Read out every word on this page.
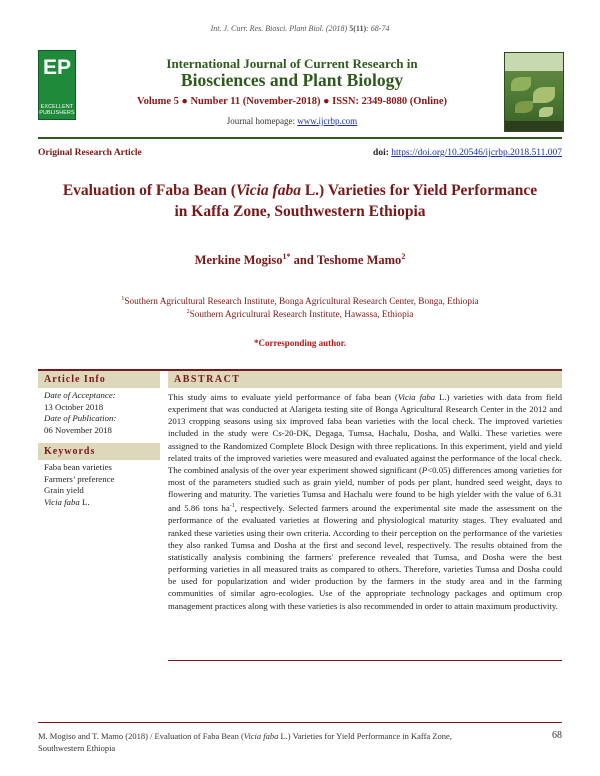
Int. J. Curr. Res. Biosci. Plant Biol. (2018) 5(11): 68-74
EP
EXCELLENT PUBLISHERS
International Journal of Current Research in
Biosciences and Plant Biology
Volume 5 ● Number 11 (November-2018) ● ISSN: 2349-8080 (Online)
Journal homepage: www.ijcrbp.com
Original Research Article	doi: https://doi.org/10.20546/ijcrbp.2018.511.007
Evaluation of Faba Bean (Vicia faba L.) Varieties for Yield Performance
in Kaffa Zone, Southwestern Ethiopia
Merkine Mogiso$^{1*}$ and Teshome Mamo$^2$
$^1$Southern Agricultural Research Institute, Bonga Agricultural Research Center, Bonga, Ethiopia
$^2$Southern Agricultural Research Institute, Hawassa, Ethiopia
*Corresponding author.
Article Info
Date of Acceptance:
13 October 2018
Date of Publication:
06 November 2018
Keywords
Faba bean varieties
Farmers’ preference
Grain yield
Vicia faba L.
ABSTRACT
This study aims to evaluate yield performance of faba bean (Vicia faba L.) varieties with data from field experiment that was conducted at Alarigeta testing site of Bonga Agricultural Research Center in the 2012 and 2013 cropping seasons using six improved faba bean varieties with the local check. The improved varieties included in the study were Cs-20-DK, Degaga, Tumsa, Hachalu, Dosha, and Walki. These varieties were assigned to the Randomized Complete Block Design with three replications. In this experiment, yield and yield related traits of the improved varieties were measured and evaluated against the performance of the local check. The combined analysis of the over year experiment showed significant (P<0.05) differences among varieties for most of the parameters studied such as grain yield, number of pods per plant, hundred seed weight, days to flowering and maturity. The varieties Tumsa and Hachalu were found to be high yielder with the value of 6.31 and 5.86 tons $ha^{-1}$, respectively. Selected farmers around the experimental site made the assessment on the performance of the evaluated varieties at flowering and physiological maturity stages. They evaluated and ranked these varieties using their own criteria. According to their perception on the performance of the varieties they also ranked Tumsa and Dosha at the first and second level, respectively. The results obtained from the statistically analysis combining the farmers' preference revealed that Tumsa, and Dosha were the best performing varieties in all measured traits as compared to others. Therefore, varieties Tumsa and Dosha could be used for popularization and wider production by the farmers in the study area and in the farming communities of similar agro-ecologies. Use of the appropriate technology packages and optimum crop management practices along with these varieties is also recommended in order to attain maximum productivity.
M. Mogiso and T. Mamo (2018) / Evaluation of Faba Bean (Vicia faba L.) Varieties for Yield Performance in Kaffa Zone,
Southwestern Ethiopia
68
